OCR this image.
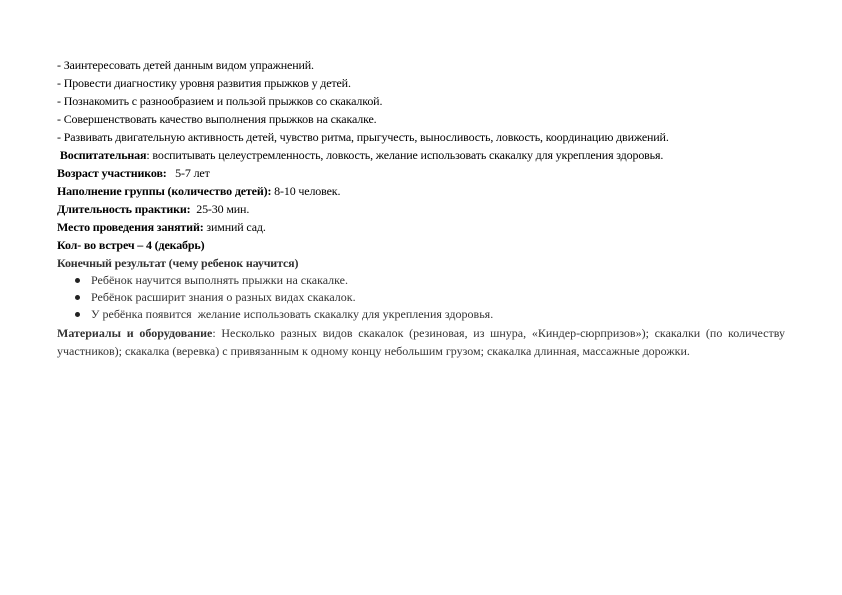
- Заинтересовать детей данным видом упражнений.
- Провести диагностику уровня развития прыжков у детей.
- Познакомить с разнообразием и пользой прыжков со скакалкой.
- Совершенствовать качество выполнения прыжков на скакалке.
- Развивать двигательную активность детей, чувство ритма, прыгучесть, выносливость, ловкость, координацию движений.
Воспитательная: воспитывать целеустремленность, ловкость, желание использовать скакалку для укрепления здоровья.
Возраст участников:   5-7 лет
Наполнение группы (количество детей): 8-10 человек.
Длительность практики:  25-30 мин.
Место проведения занятий: зимний сад.
Кол- во встреч – 4 (декабрь)
Конечный результат (чему ребенок научится)
Ребёнок научится выполнять прыжки на скакалке.
Ребёнок расширит знания о разных видах скакалок.
У ребёнка появится  желание использовать скакалку для укрепления здоровья.
Материалы и оборудование: Несколько разных видов скакалок (резиновая, из шнура, «Киндер-сюрпризов»); скакалки (по количеству участников); скакалка (веревка) с привязанным к одному концу небольшим грузом; скакалка длинная, массажные дорожки.
